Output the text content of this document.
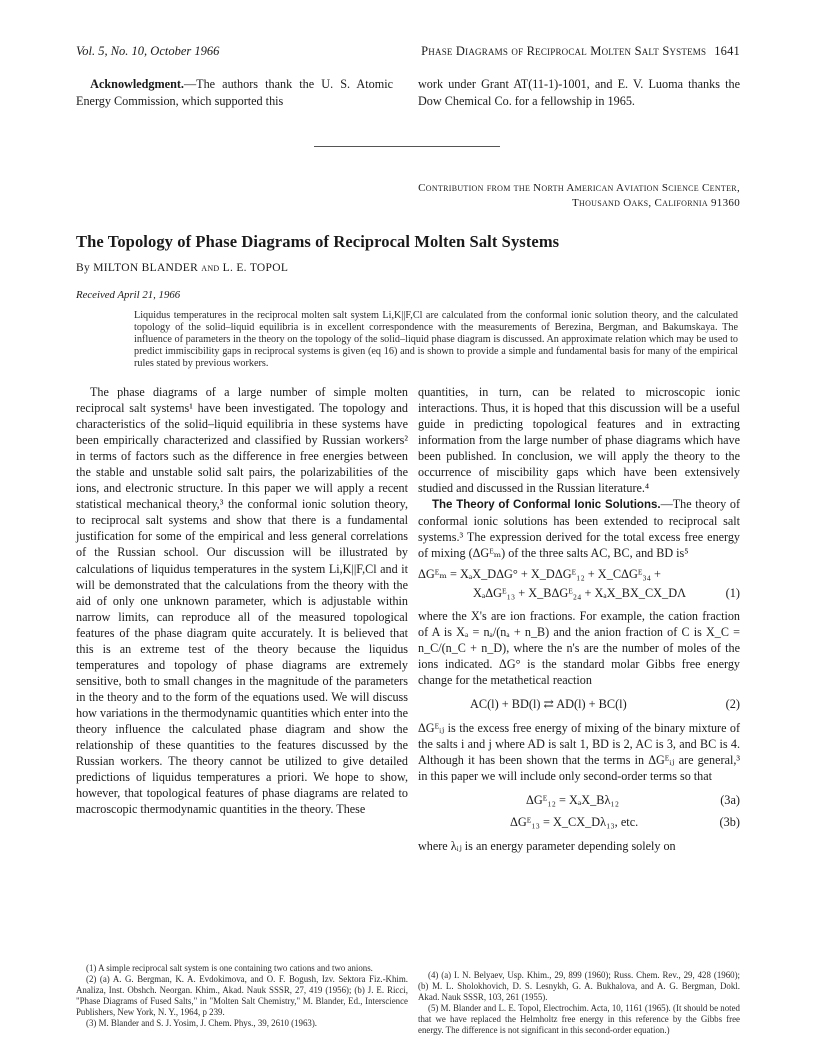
Vol. 5, No. 10, October 1966	Phase Diagrams of Reciprocal Molten Salt Systems 1641
Acknowledgment.—The authors thank the U. S. Atomic Energy Commission, which supported this
work under Grant AT(11-1)-1001, and E. V. Luoma thanks the Dow Chemical Co. for a fellowship in 1965.
Contribution from the North American Aviation Science Center,
Thousand Oaks, California 91360
The Topology of Phase Diagrams of Reciprocal Molten Salt Systems
By MILTON BLANDER and L. E. TOPOL
Received April 21, 1966
Liquidus temperatures in the reciprocal molten salt system Li,K||F,Cl are calculated from the conformal ionic solution theory, and the calculated topology of the solid–liquid equilibria is in excellent correspondence with the measurements of Berezina, Bergman, and Bakumskaya. The influence of parameters in the theory on the topology of the solid–liquid phase diagram is discussed. An approximate relation which may be used to predict immiscibility gaps in reciprocal systems is given (eq 16) and is shown to provide a simple and fundamental basis for many of the empirical rules stated by previous workers.

The phase diagrams of a large number of simple molten reciprocal salt systems¹ have been investigated. The topology and characteristics of the solid–liquid equilibria in these systems have been empirically characterized and classified by Russian workers² in terms of factors such as the difference in free energies between the stable and unstable solid salt pairs, the polarizabilities of the ions, and electronic structure. In this paper we will apply a recent statistical mechanical theory,³ the conformal ionic solution theory, to reciprocal salt systems and show that there is a fundamental justification for some of the empirical and less general correlations of the Russian school. Our discussion will be illustrated by calculations of liquidus temperatures in the system Li,K||F,Cl and it will be demonstrated that the calculations from the theory with the aid of only one unknown parameter, which is adjustable within narrow limits, can reproduce all of the measured topological features of the phase diagram quite accurately. It is believed that this is an extreme test of the theory because the liquidus temperatures and topology of phase diagrams are extremely sensitive, both to small changes in the magnitude of the parameters in the theory and to the form of the equations used. We will discuss how variations in the thermodynamic quantities which enter into the theory influence the calculated phase diagram and show the relationship of these quantities to the features discussed by the Russian workers. The theory cannot be utilized to give detailed predictions of liquidus temperatures a priori. We hope to show, however, that topological features of phase diagrams are related to macroscopic thermodynamic quantities in the theory. These

quantities, in turn, can be related to microscopic ionic interactions. Thus, it is hoped that this discussion will be a useful guide in predicting topological features and in extracting information from the large number of phase diagrams which have been published. In conclusion, we will apply the theory to the occurrence of miscibility gaps which have been extensively studied and discussed in the Russian literature.⁴

The Theory of Conformal Ionic Solutions.—The theory of conformal ionic solutions has been extended to reciprocal salt systems.³ The expression derived for the total excess free energy of mixing (ΔGᴱₘ) of the three salts AC, BC, and BD is⁵

ΔGᴱₘ = XₐX_DΔG° + X_DΔGᴱ₁₂ + X_CΔGᴱ₃₄ +
XₐΔGᴱ₁₃ + X_BΔGᴱ₂₄ + XₐX_BX_CX_DΛ	(1)

where the X's are ion fractions. For example, the cation fraction of A is Xₐ = nₐ/(nₐ + n_B) and the anion fraction of C is X_C = n_C/(n_C + n_D), where the n's are the number of moles of the ions indicated. ΔG° is the standard molar Gibbs free energy change for the metathetical reaction

AC(l) + BD(l) ⇄ AD(l) + BC(l)	(2)

ΔGᴱᵢⱼ is the excess free energy of mixing of the binary mixture of the salts i and j where AD is salt 1, BD is 2, AC is 3, and BC is 4. Although it has been shown that the terms in ΔGᴱᵢⱼ are general,³ in this paper we will include only second-order terms so that

ΔGᴱ₁₂ = XₐX_Bλ₁₂	(3a)
ΔGᴱ₁₃ = X_CX_Dλ₁₃, etc.	(3b)

where λᵢⱼ is an energy parameter depending solely on

(1) A simple reciprocal salt system is one containing two cations and two anions.

(2) (a) A. G. Bergman, K. A. Evdokimova, and O. F. Bogush, Izv. Sektora Fiz.-Khim. Analiza, Inst. Obshch. Neorgan. Khim., Akad. Nauk SSSR, 27, 419 (1956); (b) J. E. Ricci, "Phase Diagrams of Fused Salts," in "Molten Salt Chemistry," M. Blander, Ed., Interscience Publishers, New York, N. Y., 1964, p 239.

(3) M. Blander and S. J. Yosim, J. Chem. Phys., 39, 2610 (1963).

(4) (a) I. N. Belyaev, Usp. Khim., 29, 899 (1960); Russ. Chem. Rev., 29, 428 (1960); (b) M. L. Sholokhovich, D. S. Lesnykh, G. A. Bukhalova, and A. G. Bergman, Dokl. Akad. Nauk SSSR, 103, 261 (1955).

(5) M. Blander and L. E. Topol, Electrochim. Acta, 10, 1161 (1965). (It should be noted that we have replaced the Helmholtz free energy in this reference by the Gibbs free energy. The difference is not significant in this second-order equation.)
